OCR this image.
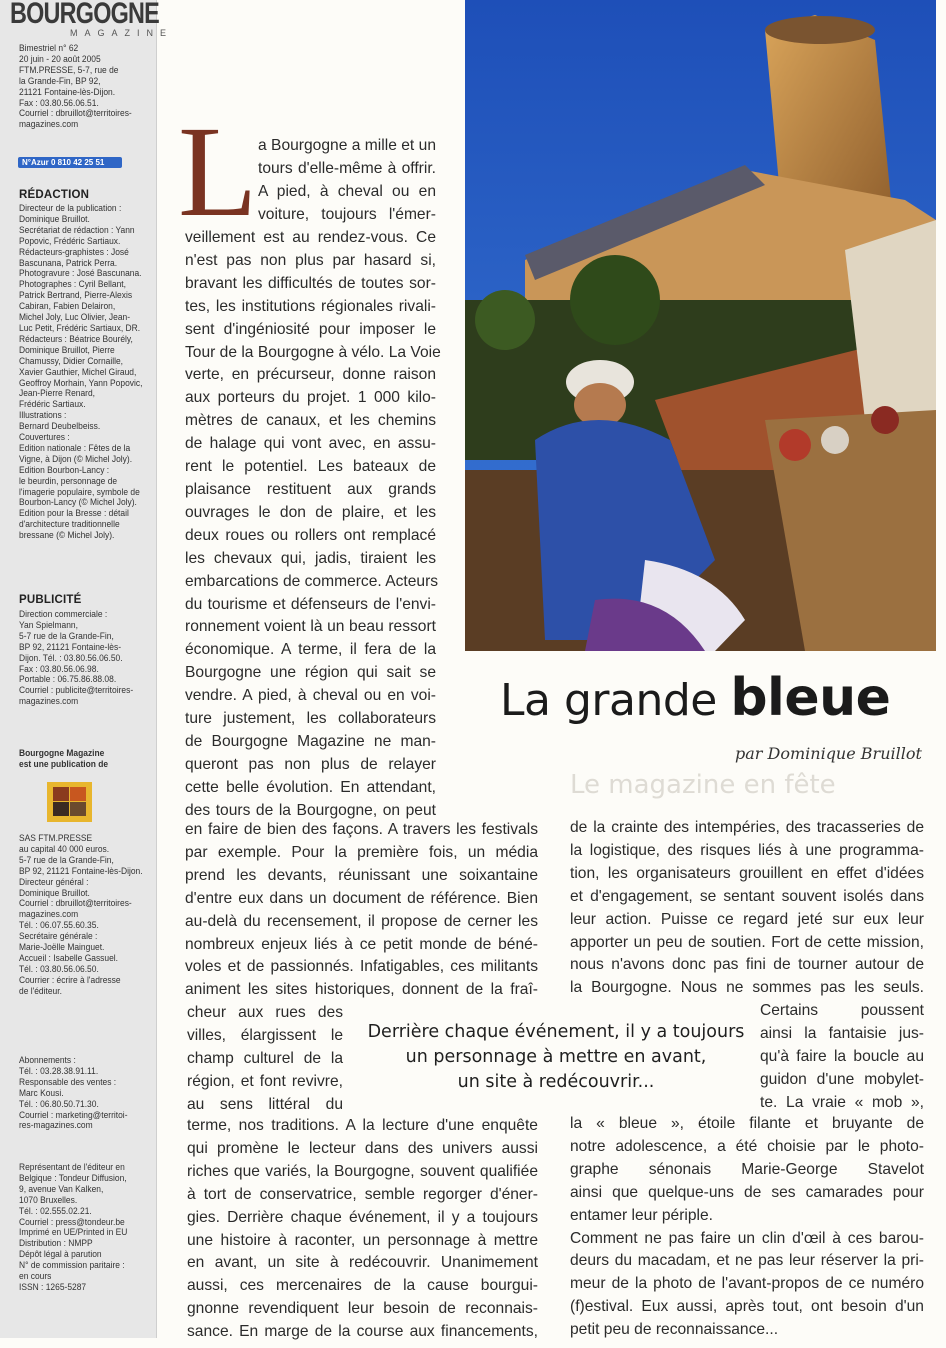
BOURGOGNE
MAGAZINE
Bimestriel n° 62
20 juin - 20 août 2005
FTM.PRESSE, 5-7, rue de
la Grande-Fin, BP 92,
21121 Fontaine-lès-Dijon.
Fax : 03.80.56.06.51.
Courriel : dbruillot@territoires-
magazines.com
N°Azur 0 810 42 25 51
RÉDACTION
Directeur de la publication :
Dominique Bruillot.
Secrétariat de rédaction : Yann
Popovic, Frédéric Sartiaux.
Rédacteurs-graphistes : José
Bascunana, Patrick Perra.
Photogravure : José Bascunana.
Photographes : Cyril Bellant,
Patrick Bertrand, Pierre-Alexis
Cabiran, Fabien Delairon,
Michel Joly, Luc Olivier, Jean-
Luc Petit, Frédéric Sartiaux, DR.
Rédacteurs : Béatrice Bourély,
Dominique Bruillot, Pierre
Chamussy, Didier Cornaille,
Xavier Gauthier, Michel Giraud,
Geoffroy Morhain, Yann Popovic,
Jean-Pierre Renard,
Frédéric Sartiaux.
Illustrations :
Bernard Deubelbeiss.
Couvertures :
Edition nationale : Fêtes de la
Vigne, à Dijon (© Michel Joly).
Edition Bourbon-Lancy :
le beurdin, personnage de
l'imagerie populaire, symbole de
Bourbon-Lancy (© Michel Joly).
Edition pour la Bresse : détail
d'architecture traditionnelle
bressane (© Michel Joly).
PUBLICITÉ
Direction commerciale :
Yan Spielmann,
5-7 rue de la Grande-Fin,
BP 92, 21121 Fontaine-lès-
Dijon. Tél. : 03.80.56.06.50.
Fax : 03.80.56.06.98.
Portable : 06.75.86.88.08.
Courriel : publicite@territoires-
magazines.com
Bourgogne Magazine
est une publication de
SAS FTM.PRESSE
au capital 40 000 euros.
5-7 rue de la Grande-Fin,
BP 92, 21121 Fontaine-lès-Dijon.
Directeur général :
Dominique Bruillot.
Courriel : dbruillot@territoires-
magazines.com
Tél. : 06.07.55.60.35.
Secrétaire générale :
Marie-Joëlle Mainguet.
Accueil : Isabelle Gassuel.
Tél. : 03.80.56.06.50.
Courrier : écrire à l'adresse
de l'éditeur.
Abonnements :
Tél. : 03.28.38.91.11.
Responsable des ventes :
Marc Kousi.
Tél. : 06.80.50.71.30.
Courriel : marketing@territoi-
res-magazines.com
Représentant de l'éditeur en
Belgique : Tondeur Diffusion,
9, avenue Van Kalken,
1070 Bruxelles.
Tél. : 02.555.02.21.
Courriel : press@tondeur.be
Imprimé en UE/Printed in EU
Distribution : NMPP
Dépôt légal à parution
N° de commission paritaire :
en cours
ISSN : 1265-5287
Le magazine en fête
L a Bourgogne a mille et un
tours d'elle-même à offrir.
A pied, à cheval ou en
voiture, toujours l'émer-
veillement est au rendez-vous. Ce
n'est pas non plus par hasard si,
bravant les difficultés de toutes sor-
tes, les institutions régionales rivali-
sent d'ingéniosité pour imposer le
Tour de la Bourgogne à vélo. La Voie
verte, en précurseur, donne raison
aux porteurs du projet. 1 000 kilo-
mètres de canaux, et les chemins
de halage qui vont avec, en assu-
rent le potentiel. Les bateaux de
plaisance restituent aux grands
ouvrages le don de plaire, et les
deux roues ou rollers ont remplacé
les chevaux qui, jadis, tiraient les
embarcations de commerce. Acteurs
du tourisme et défenseurs de l'envi-
ronnement voient là un beau ressort
économique. A terme, il fera de la
Bourgogne une région qui sait se
vendre. A pied, à cheval ou en voi-
ture justement, les collaborateurs
de Bourgogne Magazine ne man-
queront pas non plus de relayer
cette belle évolution. En attendant,
des tours de la Bourgogne, on peut
en faire de bien des façons. A travers les festivals
par exemple. Pour la première fois, un média
prend les devants, réunissant une soixantaine
d'entre eux dans un document de référence. Bien
au-delà du recensement, il propose de cerner les
nombreux enjeux liés à ce petit monde de béné-
voles et de passionnés. Infatigables, ces militants
animent les sites historiques, donnent de la fraî-
cheur aux rues des
villes, élargissent le
champ culturel de la
région, et font revivre,
au sens littéral du
terme, nos traditions. A la lecture d'une enquête
qui promène le lecteur dans des univers aussi
riches que variés, la Bourgogne, souvent qualifiée
à tort de conservatrice, semble regorger d'éner-
gies. Derrière chaque événement, il y a toujours
une histoire à raconter, un personnage à mettre
en avant, un site à redécouvrir. Unanimement
aussi, ces mercenaires de la cause bourgui-
gnonne revendiquent leur besoin de reconnais-
sance. En marge de la course aux financements,
de la crainte des intempéries, des tracasseries de
la logistique, des risques liés à une programma-
tion, les organisateurs grouillent en effet d'idées
et d'engagement, se sentant souvent isolés dans
leur action. Puisse ce regard jeté sur eux leur
apporter un peu de soutien. Fort de cette mission,
nous n'avons donc pas fini de tourner autour de
la Bourgogne. Nous ne sommes pas les seuls.
Certains poussent
ainsi la fantaisie jus-
qu'à faire la boucle au
guidon d'une mobylet-
te. La vraie « mob »,
la « bleue », étoile filante et bruyante de
notre adolescence, a été choisie par le photo-
graphe sénonais Marie-George Stavelot
ainsi que quelque-uns de ses camarades pour
entamer leur périple.
Comment ne pas faire un clin d'œil à ces barou-
deurs du macadam, et ne pas leur réserver la pri-
meur de la photo de l'avant-propos de ce numéro
(f)estival. Eux aussi, après tout, ont besoin d'un
petit peu de reconnaissance...
La grande bleue
par Dominique Bruillot
Derrière chaque événement, il y a toujours
un personnage à mettre en avant,
un site à redécouvrir...
